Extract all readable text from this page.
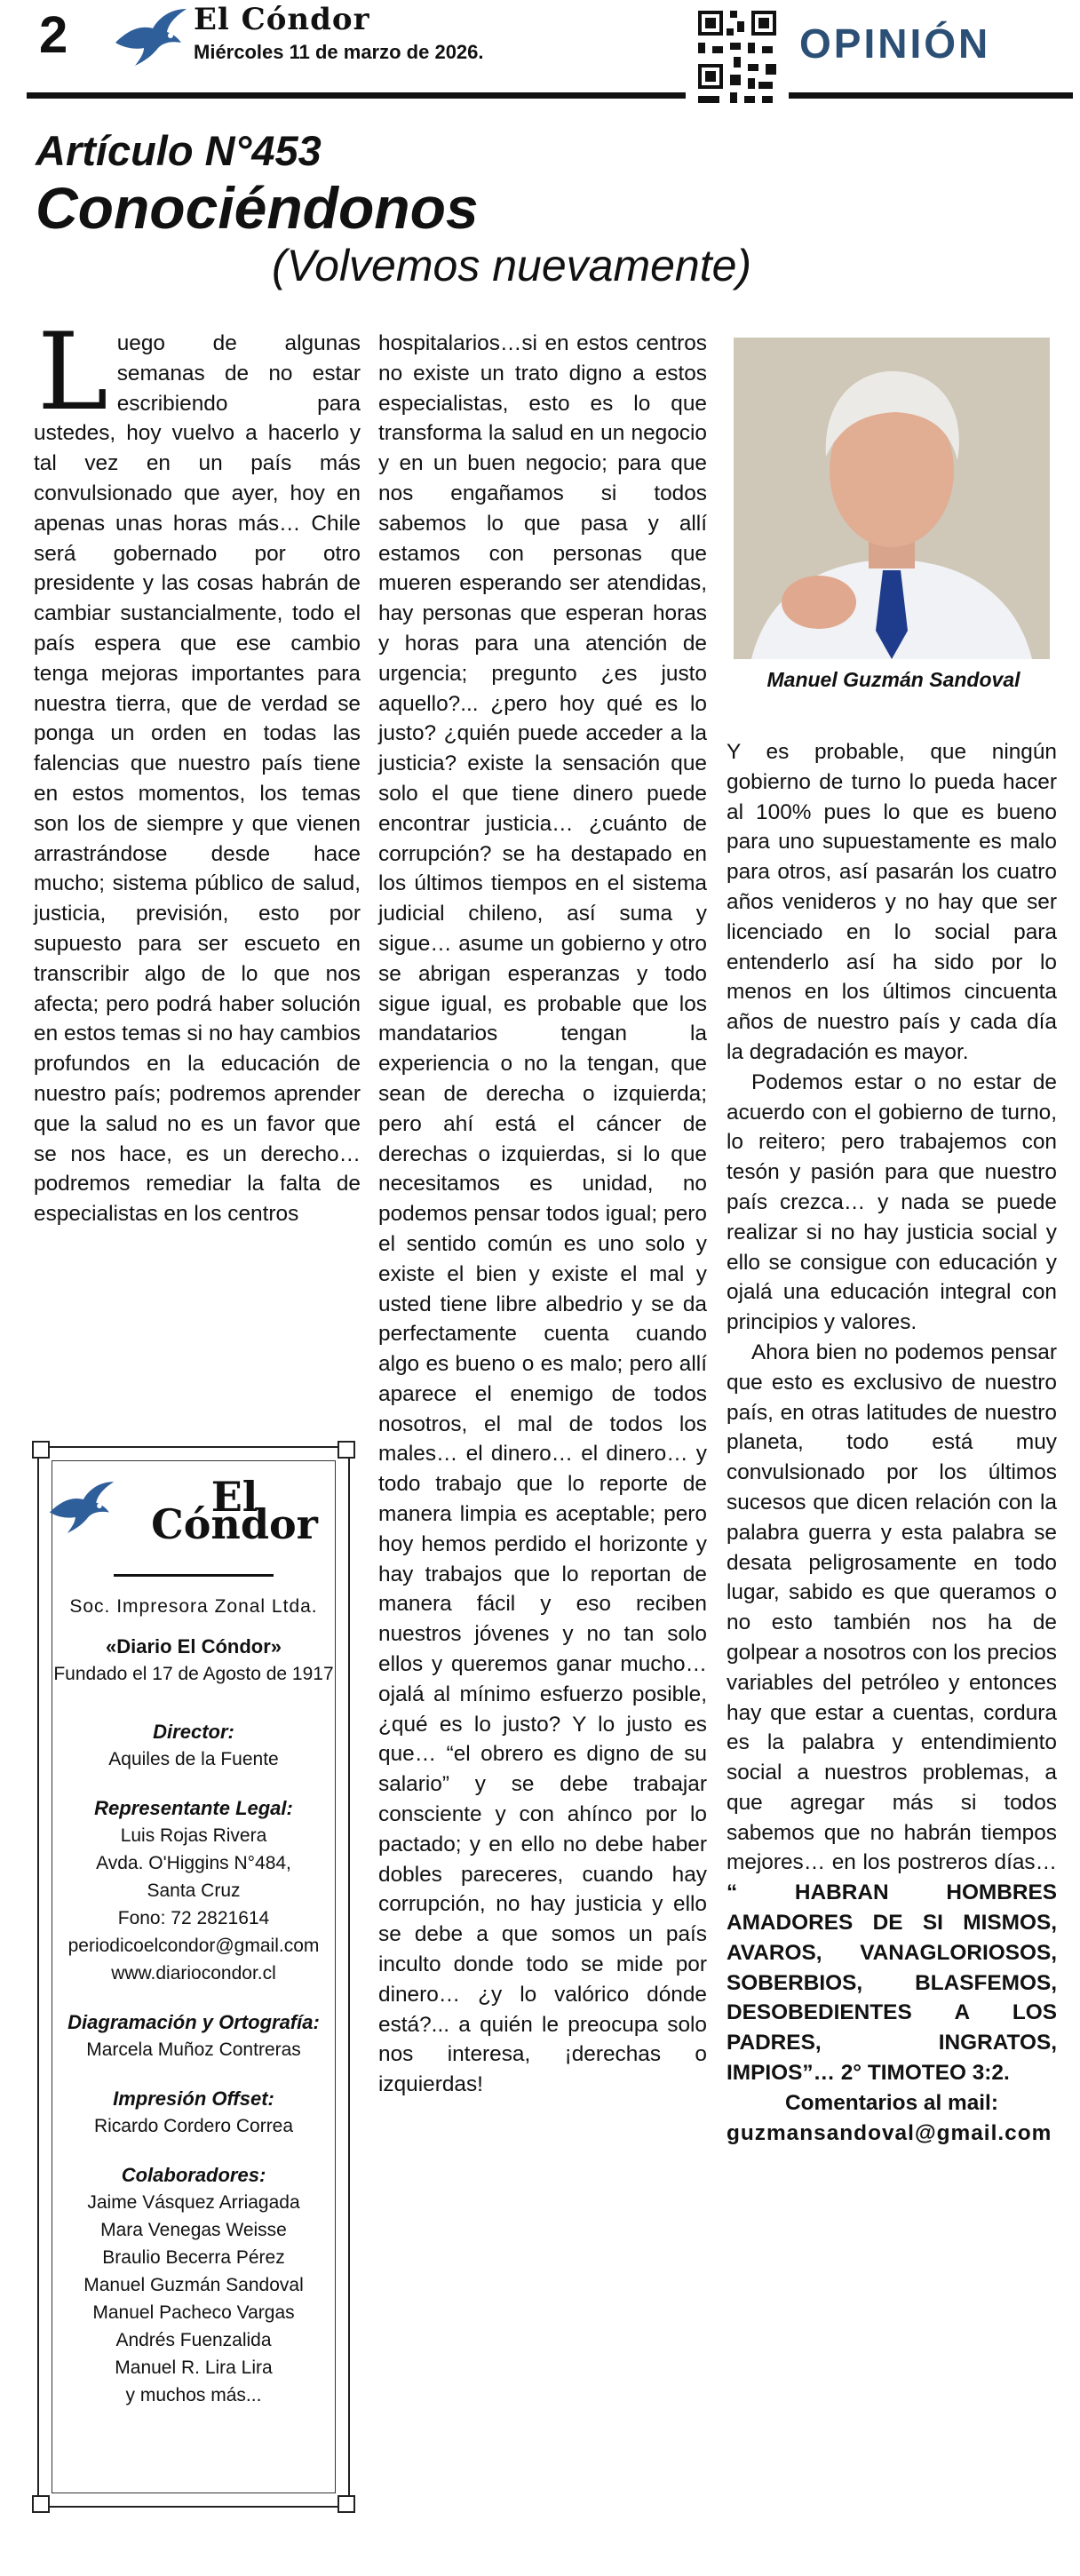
2	El Cóndor
Miércoles 11 de marzo de 2026.	OPINIÓN
Artículo N°453
Conociéndonos
(Volvemos nuevamente)

Luego de algunas semanas de no estar escribiendo para ustedes, hoy vuelvo a hacerlo y tal vez en un país más convulsionado que ayer, hoy en apenas unas horas más… Chile será gobernado por otro presidente y las cosas habrán de cambiar sustancialmente, todo el país espera que ese cambio tenga mejoras importantes para nuestra tierra, que de verdad se ponga un orden en todas las falencias que nuestro país tiene en estos momentos, los temas son los de siempre y que vienen arrastrándose desde hace mucho; sistema público de salud, justicia, previsión, esto por supuesto para ser escueto en transcribir algo de lo que nos afecta; pero podrá haber solución en estos temas si no hay cambios profundos en la educación de nuestro país; podremos aprender que la salud no es un favor que se nos hace, es un derecho… podremos remediar la falta de especialistas en los centros

hospitalarios…si en estos centros no existe un trato digno a estos especialistas, esto es lo que transforma la salud en un negocio y en un buen negocio; para que nos engañamos si todos sabemos lo que pasa y allí estamos con personas que mueren esperando ser atendidas, hay personas que esperan horas y horas para una atención de urgencia; pregunto ¿es justo aquello?... ¿pero hoy qué es lo justo? ¿quién puede acceder a la justicia? existe la sensación que solo el que tiene dinero puede encontrar justicia… ¿cuánto de corrupción? se ha destapado en los últimos tiempos en el sistema judicial chileno, así suma y sigue… asume un gobierno y otro se abrigan esperanzas y todo sigue igual, es probable que los mandatarios tengan la experiencia o no la tengan, que sean de derecha o izquierda; pero ahí está el cáncer de derechas o izquierdas, si lo que necesitamos es unidad, no podemos pensar todos igual; pero el sentido común es uno solo y existe el bien y existe el mal y usted tiene libre albedrio y se da perfectamente cuenta cuando algo es bueno o es malo; pero allí aparece el enemigo de todos nosotros, el mal de todos los males… el dinero… el dinero… y todo trabajo que lo reporte de manera limpia es aceptable; pero hoy hemos perdido el horizonte y hay trabajos que lo reportan de manera fácil y eso reciben nuestros jóvenes y no tan solo ellos y queremos ganar mucho… ojalá al mínimo esfuerzo posible, ¿qué es lo justo? Y lo justo es que… “el obrero es digno de su salario” y se debe trabajar consciente y con ahínco por lo pactado; y en ello no debe haber dobles pareceres, cuando hay corrupción, no hay justicia y ello se debe a que somos un país inculto donde todo se mide por dinero… ¿y lo valórico dónde está?... a quién le preocupa solo nos interesa, ¡derechas o izquierdas!

Manuel Guzmán Sandoval

Y es probable, que ningún gobierno de turno lo pueda hacer al 100% pues lo que es bueno para uno supuestamente es malo para otros, así pasarán los cuatro años venideros y no hay que ser licenciado en lo social para entenderlo así ha sido por lo menos en los últimos cincuenta años de nuestro país y cada día la degradación es mayor.

Podemos estar o no estar de acuerdo con el gobierno de turno, lo reitero; pero trabajemos con tesón y pasión para que nuestro país crezca… y nada se puede realizar si no hay justicia social y ello se consigue con educación y ojalá una educación integral con principios y valores.

Ahora bien no podemos pensar que esto es exclusivo de nuestro país, en otras latitudes de nuestro planeta, todo está muy convulsionado por los últimos sucesos que dicen relación con la palabra guerra y esta palabra se desata peligrosamente en todo lugar, sabido es que queramos o no esto también nos ha de golpear a nosotros con los precios variables del petróleo y entonces hay que estar a cuentas, cordura es la palabra y entendimiento social a nuestros problemas, a que agregar más si todos sabemos que no habrán tiempos mejores… en los postreros días… “ HABRAN HOMBRES AMADORES DE SI MISMOS, AVAROS, VANAGLORIOSOS, SOBERBIOS, BLASFEMOS, DESOBEDIENTES A LOS PADRES, INGRATOS, IMPIOS”… 2° TIMOTEO 3:2.

Comentarios al mail:
guzmansandoval@gmail.com
El Cóndor
Soc. Impresora Zonal Ltda.
«Diario El Cóndor»
Fundado el 17 de Agosto de 1917
Director:
Aquiles de la Fuente
Representante Legal:
Luis Rojas Rivera
Avda. O'Higgins N°484,
Santa Cruz
Fono: 72 2821614
periodicoelcondor@gmail.com
www.diariocondor.cl
Diagramación y Ortografía:
Marcela Muñoz Contreras
Impresión Offset:
Ricardo Cordero Correa
Colaboradores:
Jaime Vásquez Arriagada
Mara Venegas Weisse
Braulio Becerra Pérez
Manuel Guzmán Sandoval
Manuel Pacheco Vargas
Andrés Fuenzalida
Manuel R. Lira Lira
y muchos más...
